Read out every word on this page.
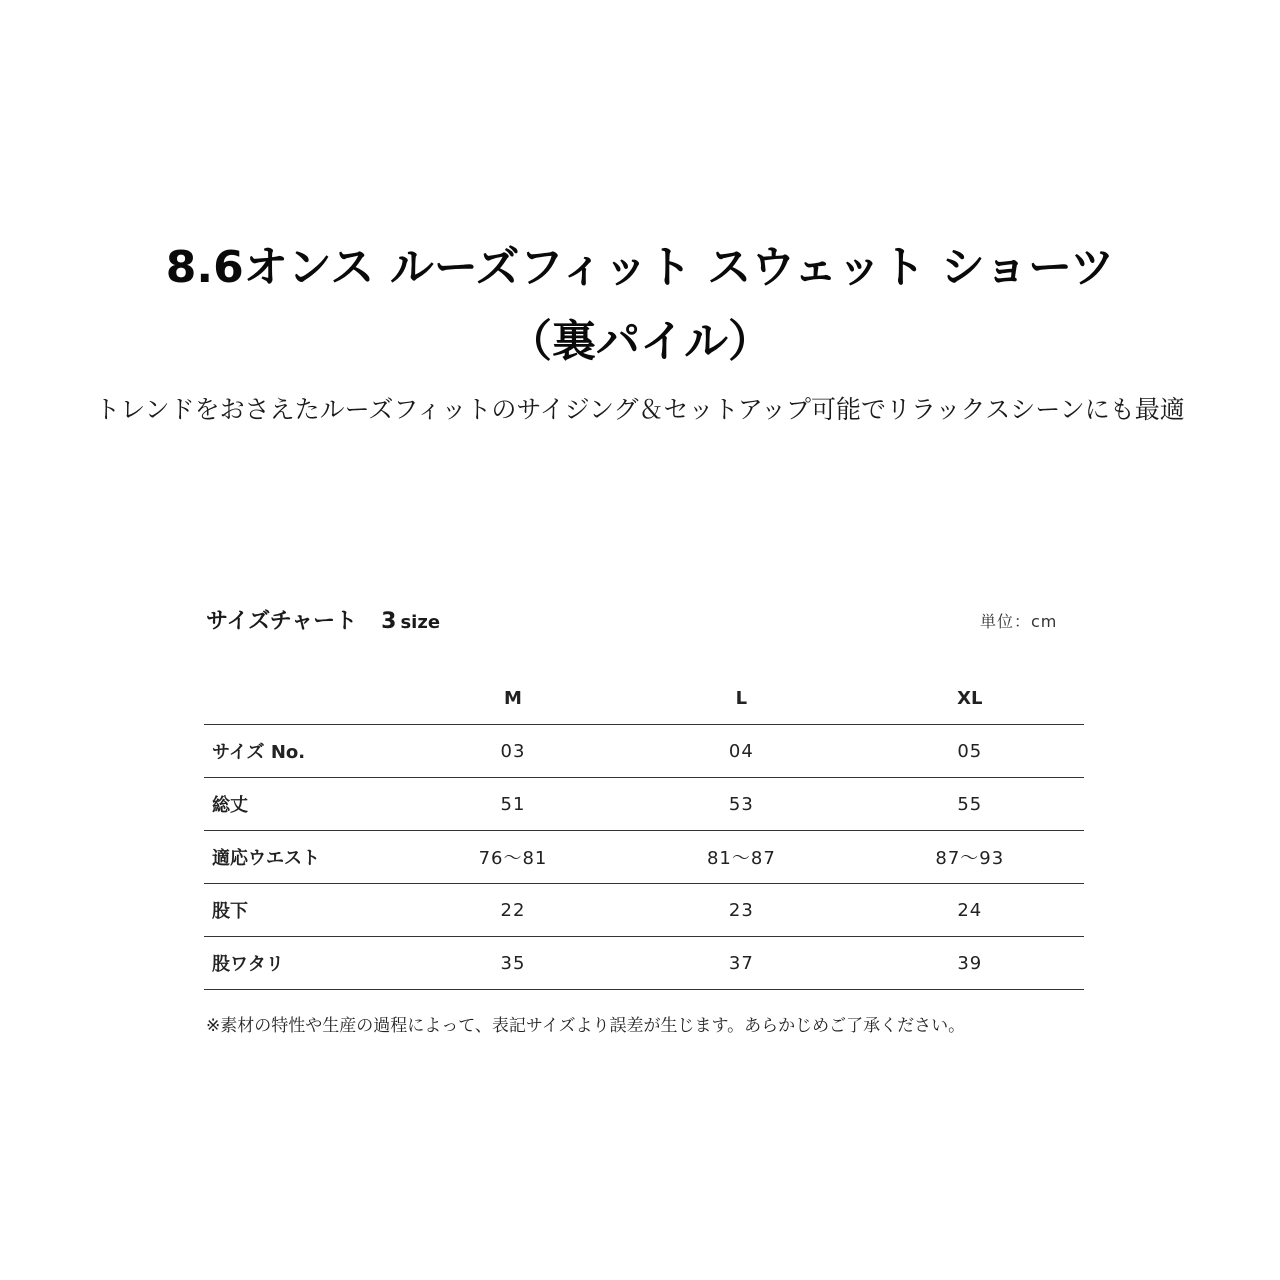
8.6オンス ルーズフィット スウェット ショーツ
（裏パイル）
トレンドをおさえたルーズフィットのサイジング＆セットアップ可能でリラックスシーンにも最適
サイズチャート 3 size	単位：cm
	M	L	XL
サイズ No.	03	04	05
総丈	51	53	55
適応ウエスト	76～81	81～87	87～93
股下	22	23	24
股ワタリ	35	37	39
※素材の特性や生産の過程によって、表記サイズより誤差が生じます。あらかじめご了承ください。
